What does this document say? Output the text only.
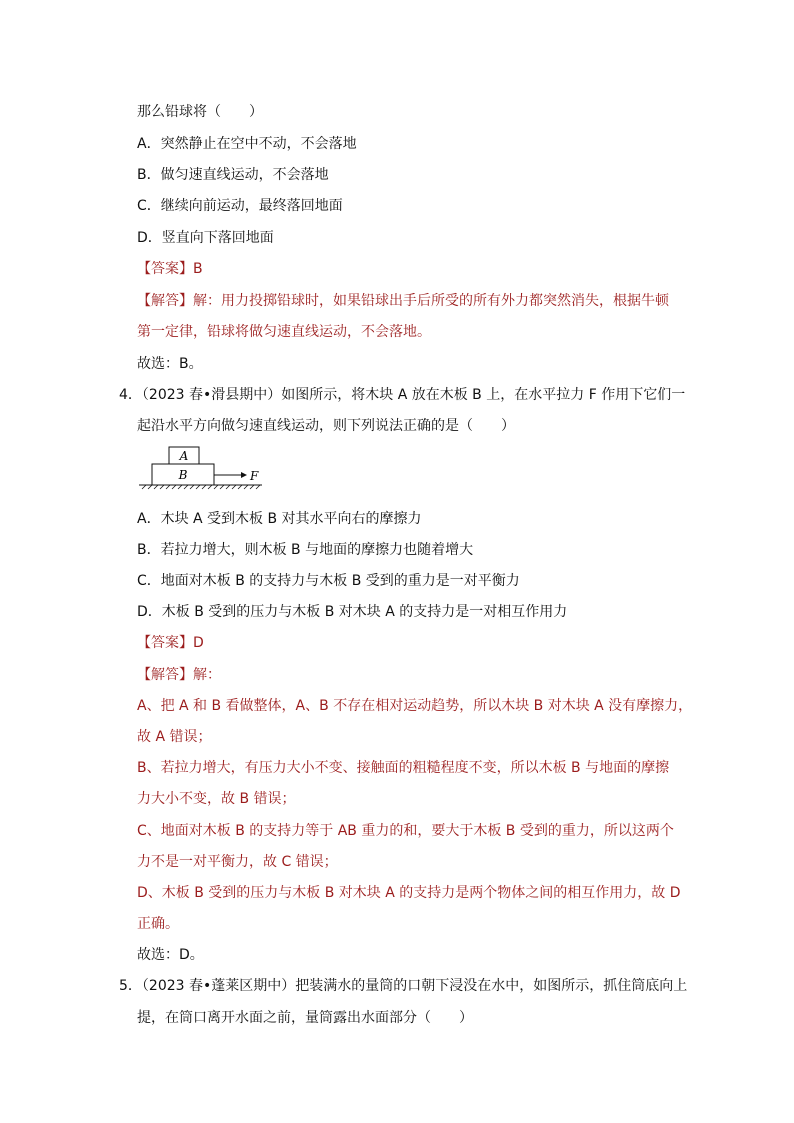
那么铅球将（　　）
A．突然静止在空中不动，不会落地
B．做匀速直线运动，不会落地
C．继续向前运动，最终落回地面
D．竖直向下落回地面
【答案】B
【解答】解：用力投掷铅球时，如果铅球出手后所受的所有外力都突然消失，根据牛顿
第一定律，铅球将做匀速直线运动，不会落地。
故选：B。
4．（2023 春•滑县期中）如图所示，将木块 A 放在木板 B 上，在水平拉力 F 作用下它们一
起沿水平方向做匀速直线运动，则下列说法正确的是（　　）
A
B	F
A．木块 A 受到木板 B 对其水平向右的摩擦力
B．若拉力增大，则木板 B 与地面的摩擦力也随着增大
C．地面对木板 B 的支持力与木板 B 受到的重力是一对平衡力
D．木板 B 受到的压力与木板 B 对木块 A 的支持力是一对相互作用力
【答案】D
【解答】解：
A、把 A 和 B 看做整体，A、B 不存在相对运动趋势，所以木块 B 对木块 A 没有摩擦力，
故 A 错误；
B、若拉力增大，有压力大小不变、接触面的粗糙程度不变，所以木板 B 与地面的摩擦
力大小不变，故 B 错误；
C、地面对木板 B 的支持力等于 AB 重力的和，要大于木板 B 受到的重力，所以这两个
力不是一对平衡力，故 C 错误；
D、木板 B 受到的压力与木板 B 对木块 A 的支持力是两个物体之间的相互作用力，故 D
正确。
故选：D。
5．（2023 春•蓬莱区期中）把装满水的量筒的口朝下浸没在水中，如图所示，抓住筒底向上
提，在筒口离开水面之前，量筒露出水面部分（　　）
